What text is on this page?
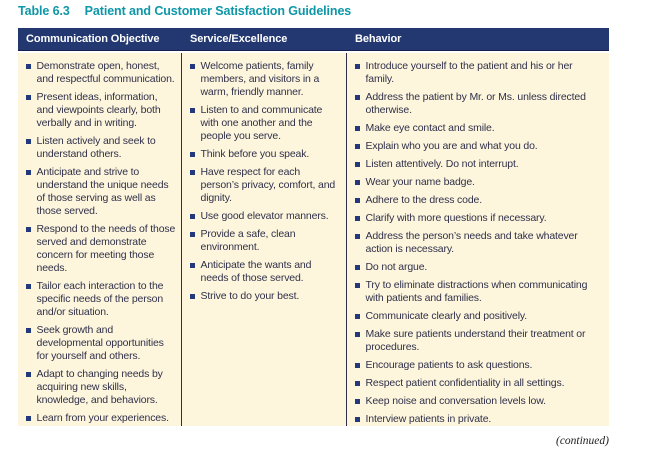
Table 6.3 Patient and Customer Satisfaction Guidelines
Communication Objective	Service/Excellence	Behavior
Demonstrate open, honest, and respectful communication.
Present ideas, information, and viewpoints clearly, both verbally and in writing.
Listen actively and seek to understand others.
Anticipate and strive to understand the unique needs of those serving as well as those served.
Respond to the needs of those served and demonstrate concern for meeting those needs.
Tailor each interaction to the specific needs of the person and/or situation.
Seek growth and developmental opportunities for yourself and others.
Adapt to changing needs by acquiring new skills, knowledge, and behaviors.
Learn from your experiences.
Welcome patients, family members, and visitors in a warm, friendly manner.
Listen to and communicate with one another and the people you serve.
Think before you speak.
Have respect for each person’s privacy, comfort, and dignity.
Use good elevator manners.
Provide a safe, clean environment.
Anticipate the wants and needs of those served.
Strive to do your best.
Introduce yourself to the patient and his or her family.
Address the patient by Mr. or Ms. unless directed otherwise.
Make eye contact and smile.
Explain who you are and what you do.
Listen attentively. Do not interrupt.
Wear your name badge.
Adhere to the dress code.
Clarify with more questions if necessary.
Address the person’s needs and take whatever action is necessary.
Do not argue.
Try to eliminate distractions when communicating with patients and families.
Communicate clearly and positively.
Make sure patients understand their treatment or procedures.
Encourage patients to ask questions.
Respect patient confidentiality in all settings.
Keep noise and conversation levels low.
Interview patients in private.
(continued)
